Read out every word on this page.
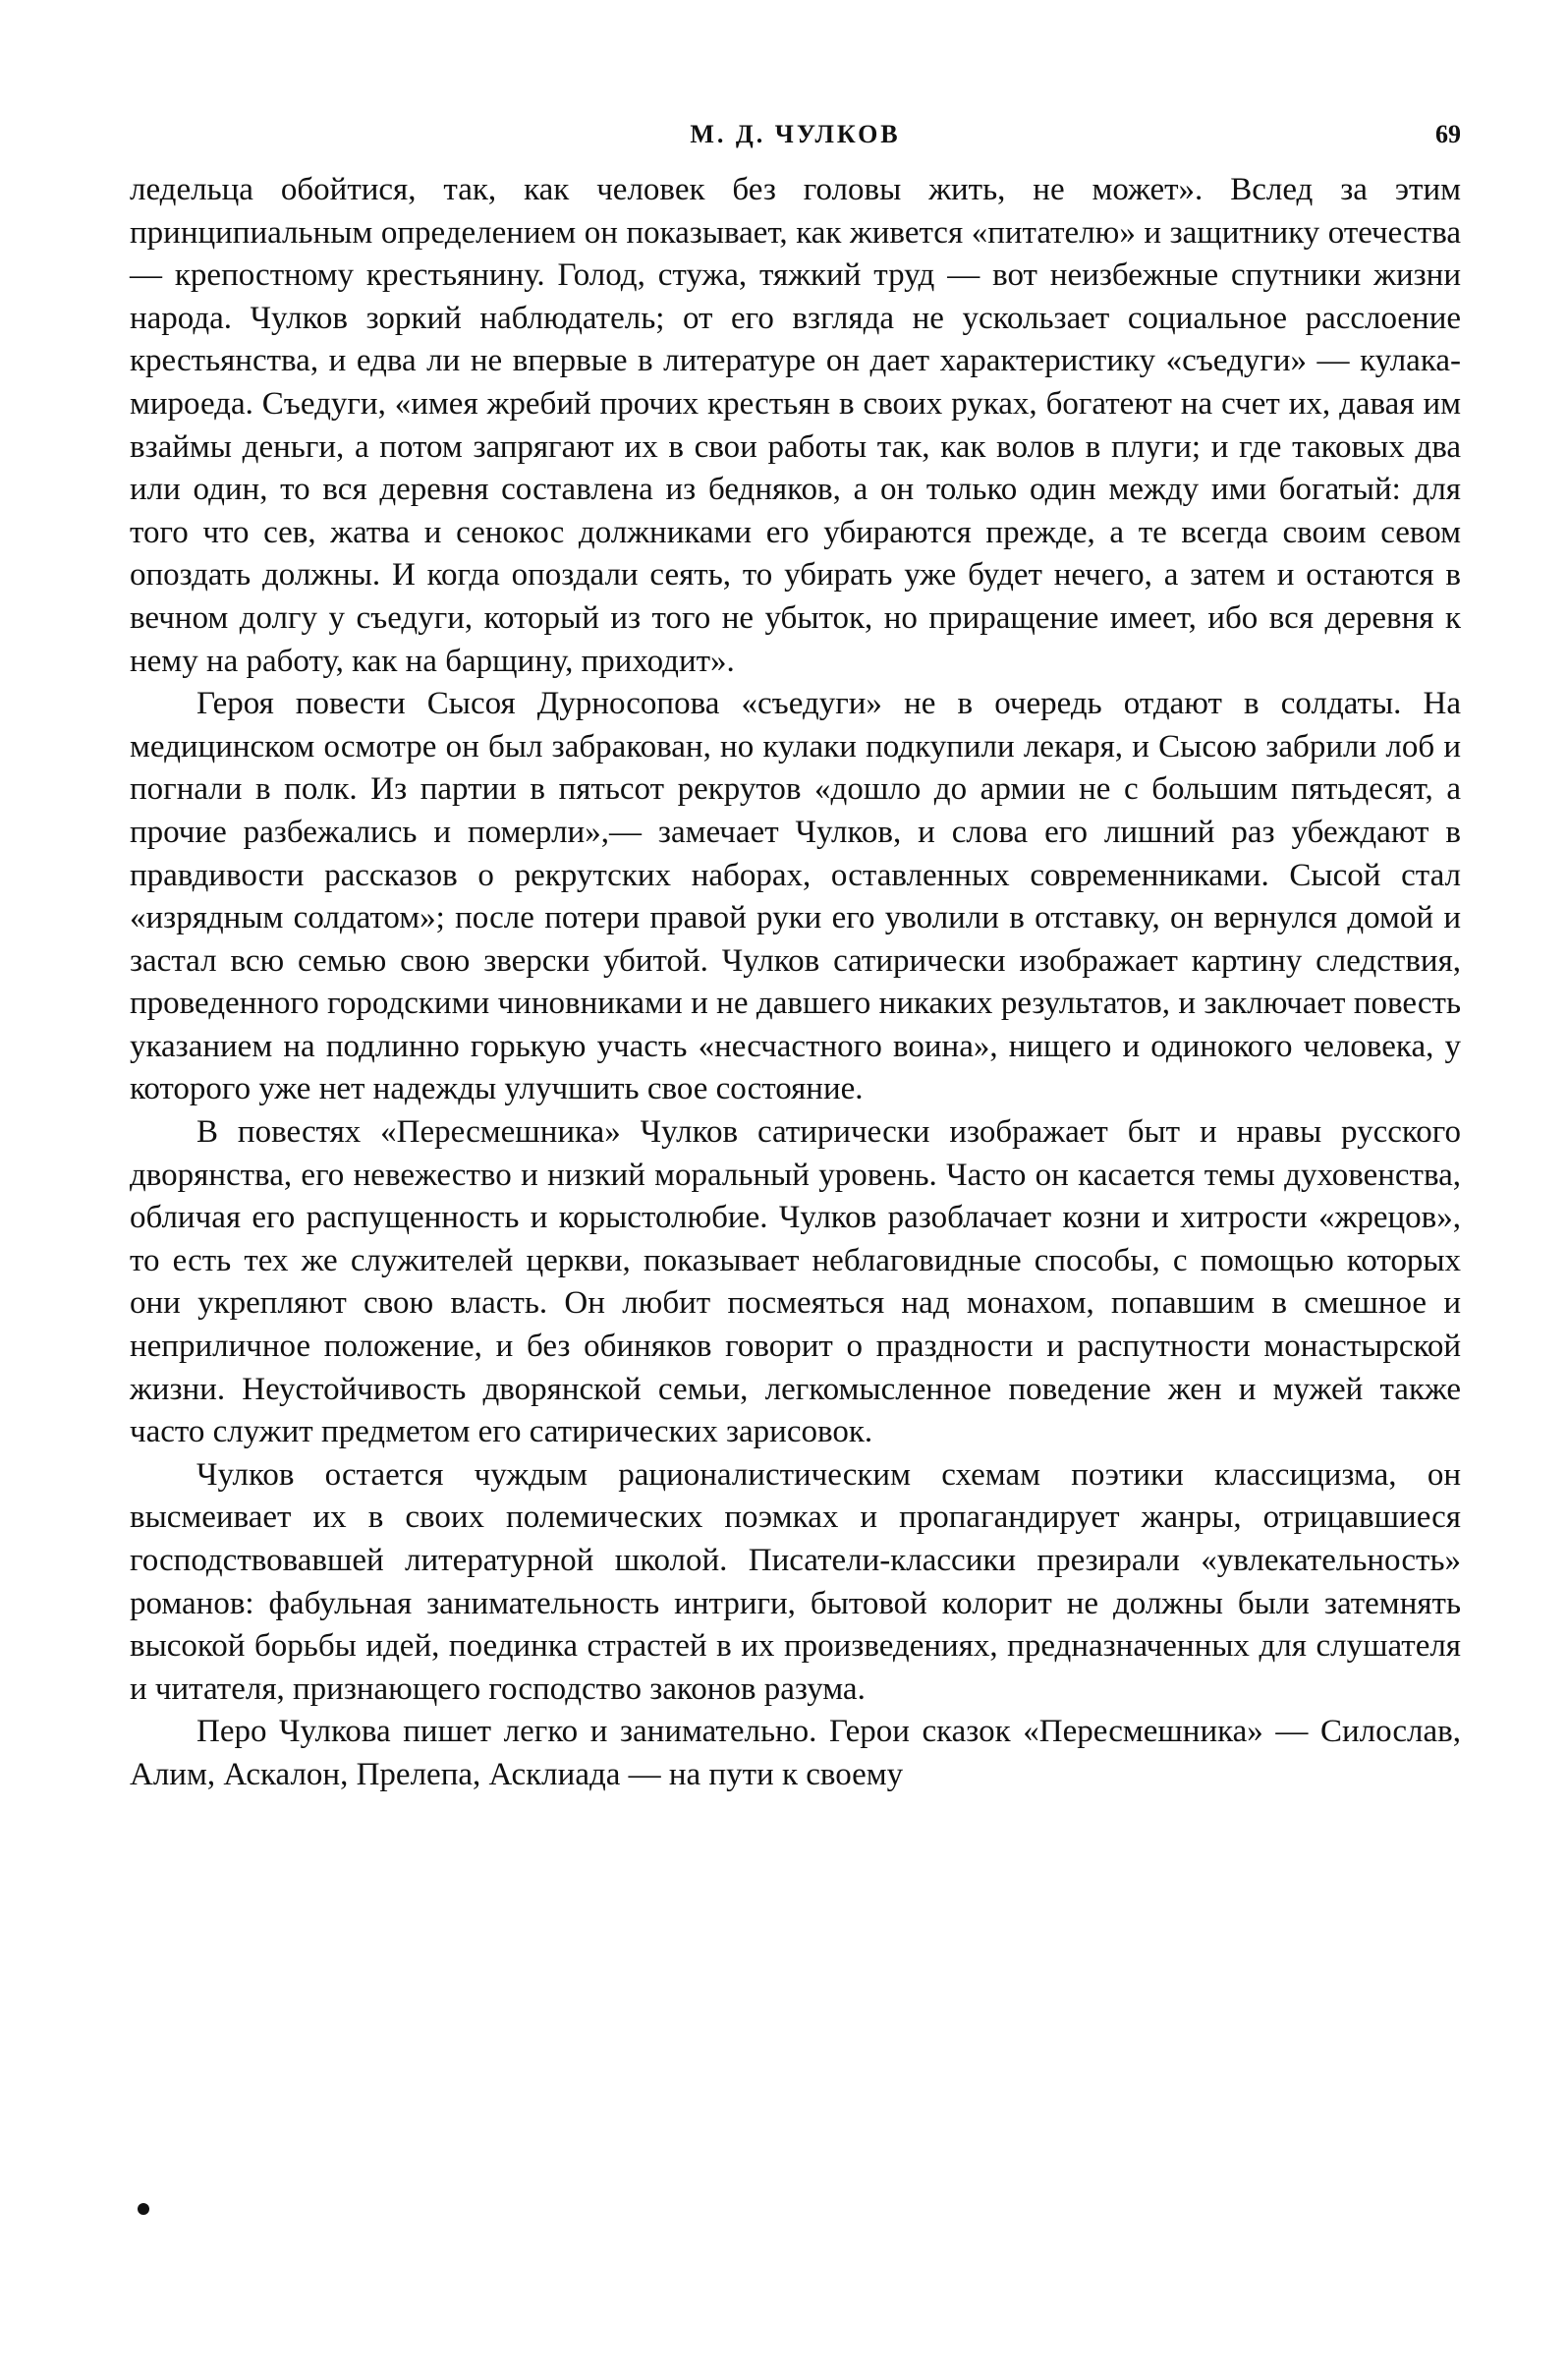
М. Д. ЧУЛКОВ	69

ледельца обойтися, так, как человек без головы жить, не может». Вслед за этим принципиальным определением он показывает, как живется «питателю» и защитнику отечества — крепостному крестьянину. Голод, стужа, тяжкий труд — вот неизбежные спутники жизни народа. Чулков зоркий наблюдатель; от его взгляда не ускользает социальное расслоение крестьянства, и едва ли не впервые в литературе он дает характеристику «съедуги» — кулака-мироеда. Съедуги, «имея жребий прочих крестьян в своих руках, богатеют на счет их, давая им взаймы деньги, а потом запрягают их в свои работы так, как волов в плуги; и где таковых два или один, то вся деревня составлена из бедняков, а он только один между ими богатый: для того что сев, жатва и сенокос должниками его убираются прежде, а те всегда своим севом опоздать должны. И когда опоздали сеять, то убирать уже будет нечего, а затем и остаются в вечном долгу у съедуги, который из того не убыток, но приращение имеет, ибо вся деревня к нему на работу, как на барщину, приходит».

Героя повести Сысоя Дурносопова «съедуги» не в очередь отдают в солдаты. На медицинском осмотре он был забракован, но кулаки подкупили лекаря, и Сысою забрили лоб и погнали в полк. Из партии в пятьсот рекрутов «дошло до армии не с большим пятьдесят, а прочие разбежались и померли»,— замечает Чулков, и слова его лишний раз убеждают в правдивости рассказов о рекрутских наборах, оставленных современниками. Сысой стал «изрядным солдатом»; после потери правой руки его уволили в отставку, он вернулся домой и застал всю семью свою зверски убитой. Чулков сатирически изображает картину следствия, проведенного городскими чиновниками и не давшего никаких результатов, и заключает повесть указанием на подлинно горькую участь «несчастного воина», нищего и одинокого человека, у которого уже нет надежды улучшить свое состояние.

В повестях «Пересмешника» Чулков сатирически изображает быт и нравы русского дворянства, его невежество и низкий моральный уровень. Часто он касается темы духовенства, обличая его распущенность и корыстолюбие. Чулков разоблачает козни и хитрости «жрецов», то есть тех же служителей церкви, показывает неблаговидные способы, с помощью которых они укрепляют свою власть. Он любит посмеяться над монахом, попавшим в смешное и неприличное положение, и без обиняков говорит о праздности и распутности монастырской жизни. Неустойчивость дворянской семьи, легкомысленное поведение жен и мужей также часто служит предметом его сатирических зарисовок.

Чулков остается чуждым рационалистическим схемам поэтики классицизма, он высмеивает их в своих полемических поэмках и пропагандирует жанры, отрицавшиеся господствовавшей литературной школой. Писатели-классики презирали «увлекательность» романов: фабульная занимательность интриги, бытовой колорит не должны были затемнять высокой борьбы идей, поединка страстей в их произведениях, предназначенных для слушателя и читателя, признающего господство законов разума.

Перо Чулкова пишет легко и занимательно. Герои сказок «Пересмешника» — Силослав, Алим, Аскалон, Прелепа, Асклиада — на пути к своему
